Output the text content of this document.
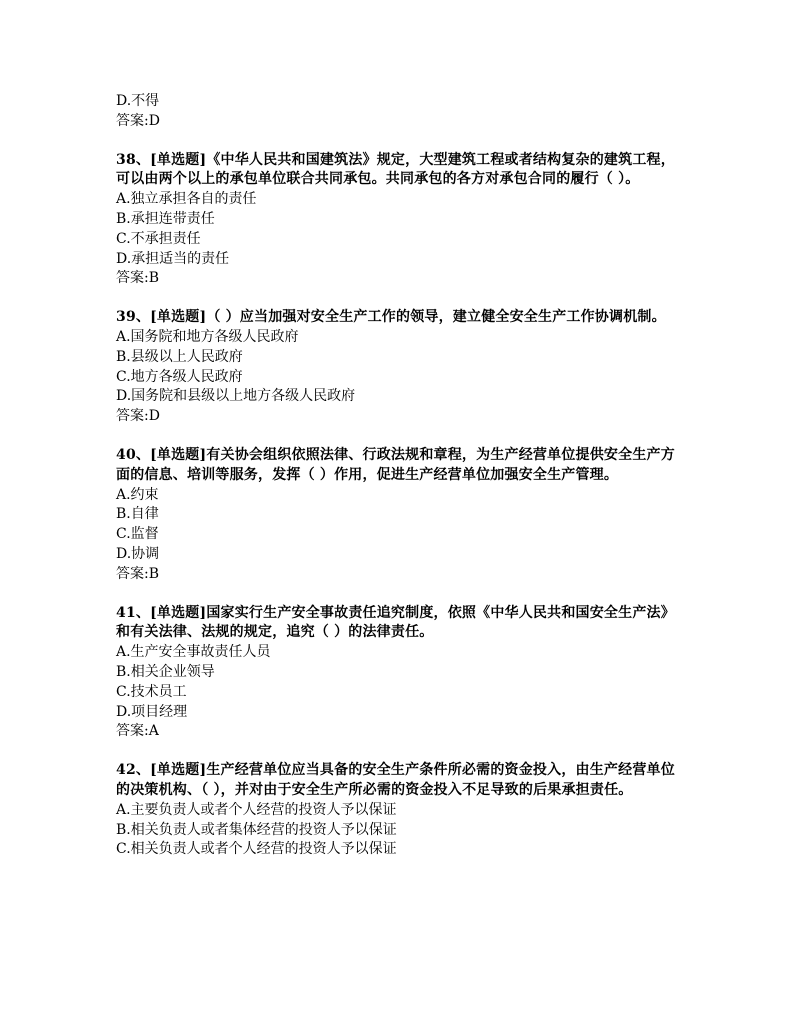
D.不得
答案:D
38、[单选题]《中华人民共和国建筑法》规定，大型建筑工程或者结构复杂的建筑工程，可以由两个以上的承包单位联合共同承包。共同承包的各方对承包合同的履行（ ）。
A.独立承担各自的责任
B.承担连带责任
C.不承担责任
D.承担适当的责任
答案:B
39、[单选题]（ ）应当加强对安全生产工作的领导，建立健全安全生产工作协调机制。
A.国务院和地方各级人民政府
B.县级以上人民政府
C.地方各级人民政府
D.国务院和县级以上地方各级人民政府
答案:D
40、[单选题]有关协会组织依照法律、行政法规和章程，为生产经营单位提供安全生产方面的信息、培训等服务，发挥（ ）作用，促进生产经营单位加强安全生产管理。
A.约束
B.自律
C.监督
D.协调
答案:B
41、[单选题]国家实行生产安全事故责任追究制度，依照《中华人民共和国安全生产法》和有关法律、法规的规定，追究（ ）的法律责任。
A.生产安全事故责任人员
B.相关企业领导
C.技术员工
D.项目经理
答案:A
42、[单选题]生产经营单位应当具备的安全生产条件所必需的资金投入，由生产经营单位的决策机构、（ ），并对由于安全生产所必需的资金投入不足导致的后果承担责任。
A.主要负责人或者个人经营的投资人予以保证
B.相关负责人或者集体经营的投资人予以保证
C.相关负责人或者个人经营的投资人予以保证
